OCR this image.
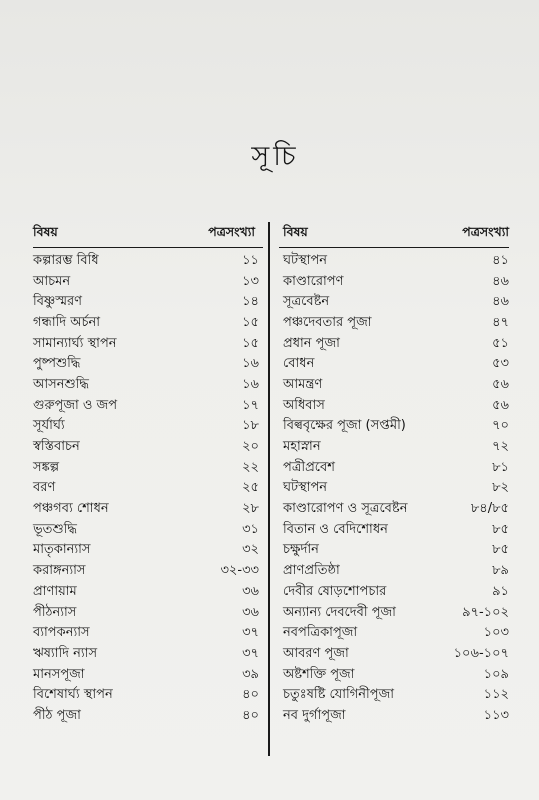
সূচি
বিষয়	পত্রসংখ্যা
কল্পারম্ভ বিধি	১১
আচমন	১৩
বিষ্ণুস্মরণ	১৪
গন্ধাদি অর্চনা	১৫
সামান্যার্ঘ্য স্থাপন	১৫
পুষ্পশুদ্ধি	১৬
আসনশুদ্ধি	১৬
গুরুপূজা ও জপ	১৭
সূর্যার্ঘ্য	১৮
স্বস্তিবাচন	২০
সঙ্কল্প	২২
বরণ	২৫
পঞ্চগব্য শোধন	২৮
ভূতশুদ্ধি	৩১
মাতৃকান্যাস	৩২
করাঙ্গন্যাস	৩২-৩৩
প্রাণায়াম	৩৬
পীঠন্যাস	৩৬
ব্যাপকন্যাস	৩৭
ঋষ্যাদি ন্যাস	৩৭
মানসপূজা	৩৯
বিশেষার্ঘ্য স্থাপন	৪০
পীঠ পূজা	৪০
বিষয়	পত্রসংখ্যা
ঘটস্থাপন	৪১
কাণ্ডারোপণ	৪৬
সূত্রবেষ্টন	৪৬
পঞ্চদেবতার পূজা	৪৭
প্রধান পূজা	৫১
বোধন	৫৩
আমন্ত্রণ	৫৬
অধিবাস	৫৬
বিল্ববৃক্ষের পূজা (সপ্তমী)	৭০
মহাস্নান	৭২
পত্রীপ্রবেশ	৮১
ঘটস্থাপন	৮২
কাণ্ডারোপণ ও সূত্রবেষ্টন	৮৪/৮৫
বিতান ও বেদিশোধন	৮৫
চক্ষুর্দান	৮৫
প্রাণপ্রতিষ্ঠা	৮৯
দেবীর ষোড়শোপচার	৯১
অন্যান্য দেবদেবী পূজা	৯৭-১০২
নবপত্রিকাপূজা	১০৩
আবরণ পূজা	১০৬-১০৭
অষ্টশক্তি পূজা	১০৯
চতুঃষষ্টি যোগিনীপূজা	১১২
নব দুর্গাপূজা	১১৩
